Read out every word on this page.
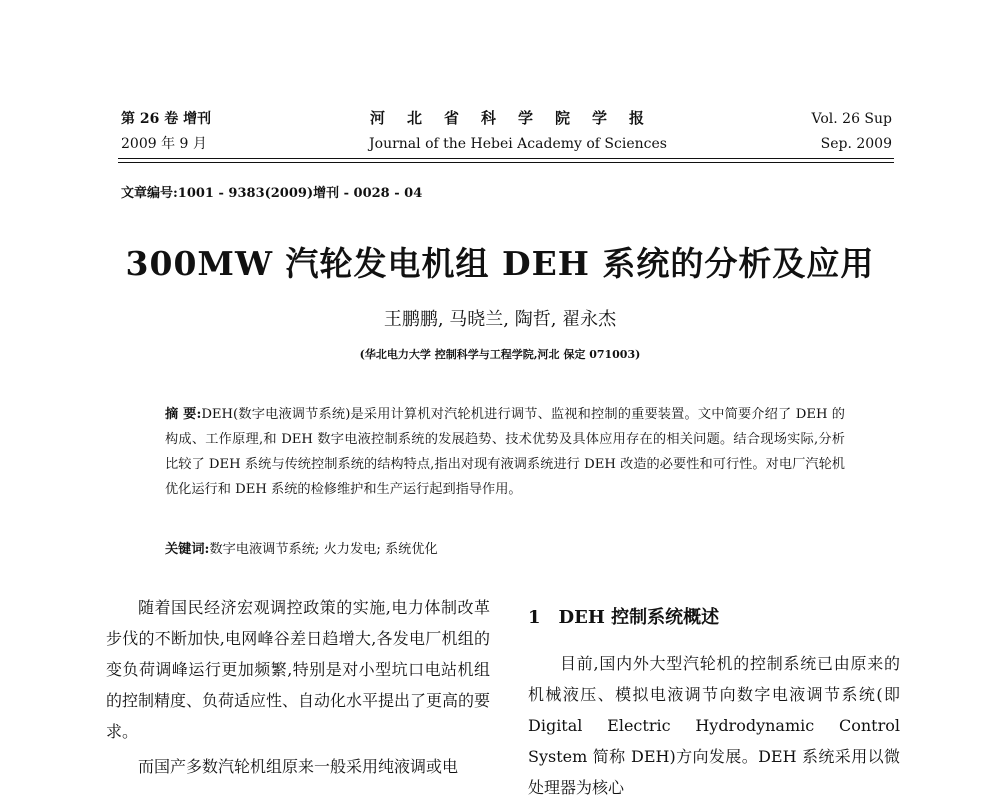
第 26 卷 增刊
2009 年 9 月
河北省科学院学报
Journal of the Hebei Academy of Sciences
Vol. 26 Sup
Sep. 2009
文章编号:1001 - 9383(2009)增刊 - 0028 - 04
300MW 汽轮发电机组 DEH 系统的分析及应用
王鹏鹏, 马晓兰, 陶哲, 翟永杰
(华北电力大学 控制科学与工程学院,河北 保定 071003)
摘 要:DEH(数字电液调节系统)是采用计算机对汽轮机进行调节、监视和控制的重要装置。文中简要介绍了 DEH 的构成、工作原理,和 DEH 数字电液控制系统的发展趋势、技术优势及具体应用存在的相关问题。结合现场实际,分析比较了 DEH 系统与传统控制系统的结构特点,指出对现有液调系统进行 DEH 改造的必要性和可行性。对电厂汽轮机优化运行和 DEH 系统的检修维护和生产运行起到指导作用。
关键词:数字电液调节系统; 火力发电; 系统优化

随着国民经济宏观调控政策的实施,电力体制改革步伐的不断加快,电网峰谷差日趋增大,各发电厂机组的变负荷调峰运行更加频繁,特别是对小型坑口电站机组的控制精度、负荷适应性、自动化水平提出了更高的要求。

而国产多数汽轮机组原来一般采用纯液调或电

1 DEH 控制系统概述

目前,国内外大型汽轮机的控制系统已由原来的机械液压、模拟电液调节向数字电液调节系统(即 Digital Electric Hydrodynamic Control System 简称 DEH)方向发展。DEH 系统采用以微处理器为核心
